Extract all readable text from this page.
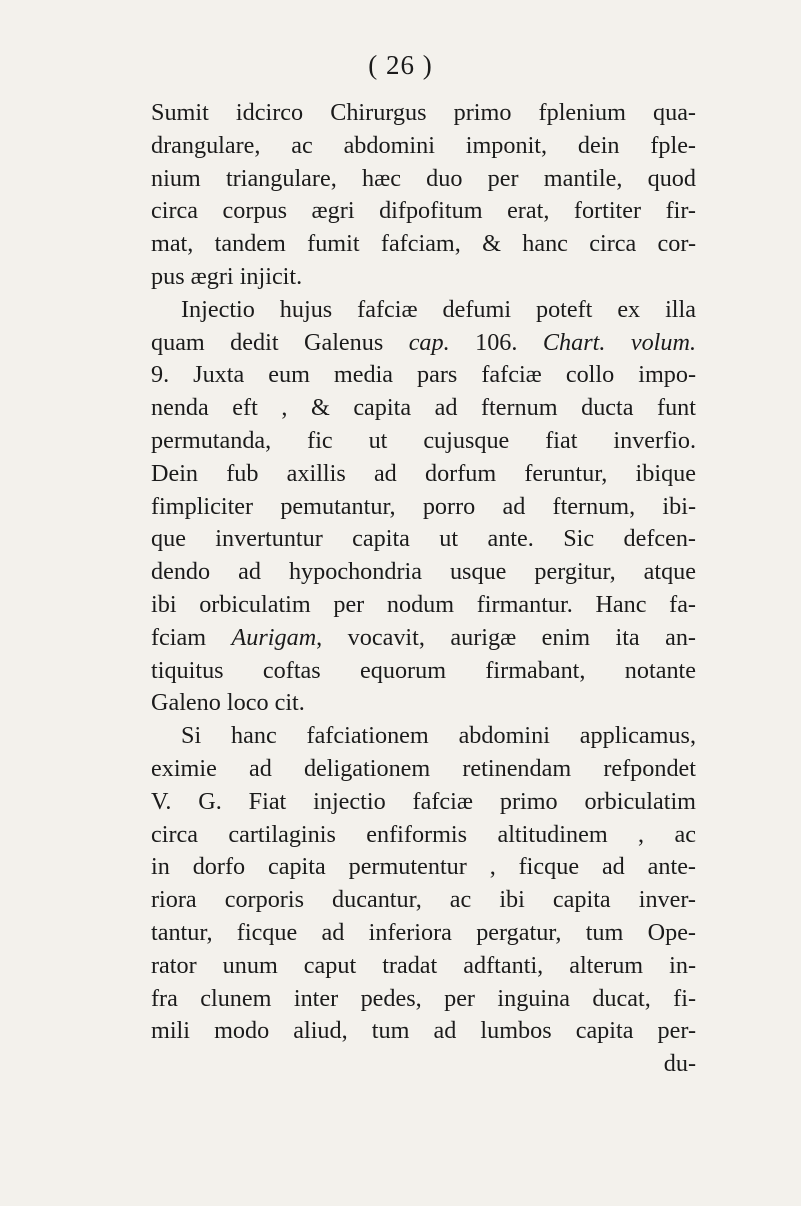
( 26 )
Sumit idcirco Chirurgus primo fplenium qua-
drangulare, ac abdomini imponit, dein fple-
nium triangulare, hæc duo per mantile, quod
circa corpus ægri difpofitum erat, fortiter fir-
mat, tandem fumit fafciam, & hanc circa cor-
pus ægri injicit.
Injectio hujus fafciæ defumi poteft ex illa
quam dedit Galenus cap. 106. Chart. volum.
9. Juxta eum media pars fafciæ collo impo-
nenda eft , & capita ad fternum ducta funt
permutanda, fic ut cujusque fiat inverfio.
Dein fub axillis ad dorfum feruntur, ibique
fimpliciter pemutantur, porro ad fternum, ibi-
que invertuntur capita ut ante. Sic defcen-
dendo ad hypochondria usque pergitur, atque
ibi orbiculatim per nodum firmantur. Hanc fa-
fciam Aurigam, vocavit, aurigæ enim ita an-
tiquitus coftas equorum firmabant, notante
Galeno loco cit.
Si hanc fafciationem abdomini applicamus,
eximie ad deligationem retinendam refpondet
V. G. Fiat injectio fafciæ primo orbiculatim
circa cartilaginis enfiformis altitudinem , ac
in dorfo capita permutentur , ficque ad ante-
riora corporis ducantur, ac ibi capita inver-
tantur, ficque ad inferiora pergatur, tum Ope-
rator unum caput tradat adftanti, alterum in-
fra clunem inter pedes, per inguina ducat, fi-
mili modo aliud, tum ad lumbos capita per-
du-
